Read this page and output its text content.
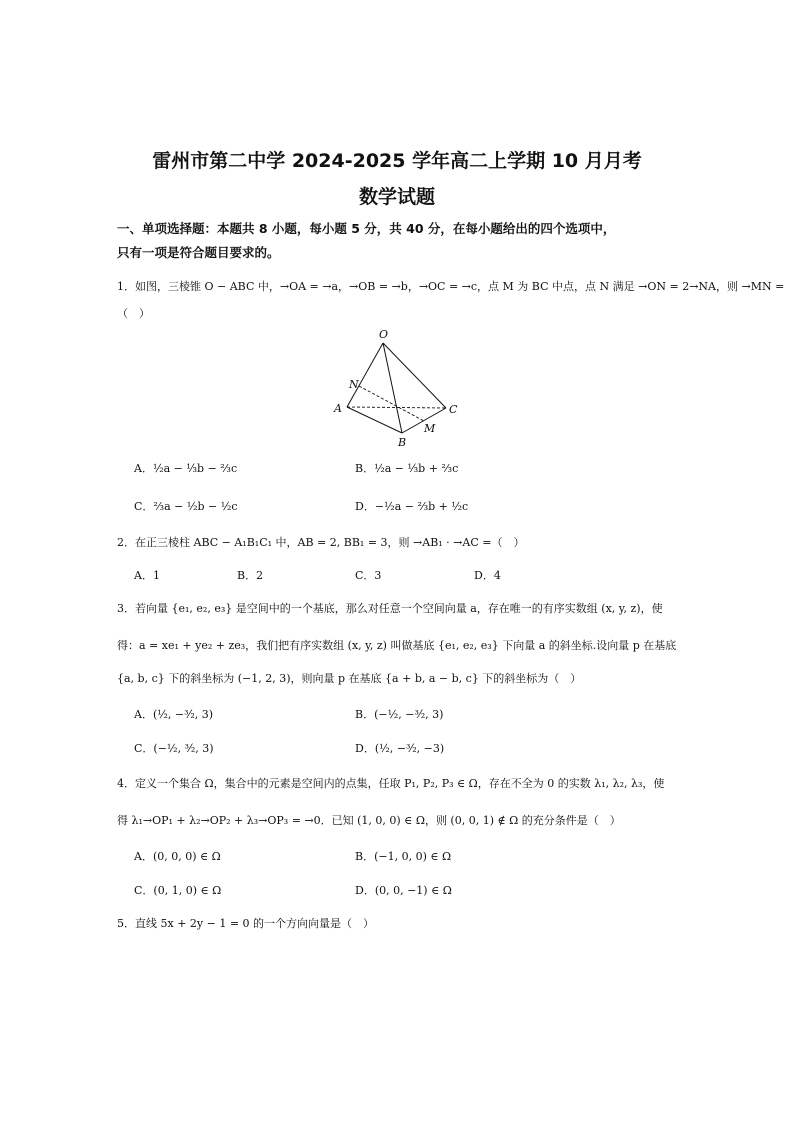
雷州市第二中学 2024-2025 学年高二上学期 10 月月考
数学试题
一、单项选择题：本题共 8 小题，每小题 5 分，共 40 分，在每小题给出的四个选项中，
只有一项是符合题目要求的。
1．如图，三棱锥 O − ABC 中，→OA = →a，→OB = →b，→OC = →c，点 M 为 BC 中点，点 N 满足 →ON = 2→NA，则 →MN =
（　）
O
N
A	C
M
B
A．½a − ⅓b − ⅔c	B．½a − ⅓b + ⅔c
C．⅔a − ½b − ½c	D．−½a − ⅔b + ½c
2．在正三棱柱 ABC − A₁B₁C₁ 中，AB = 2, BB₁ = 3，则 →AB₁ · →AC =（　）
A．1	B．2	C．3	D．4
3．若向量 {e₁, e₂, e₃} 是空间中的一个基底，那么对任意一个空间向量 a，存在唯一的有序实数组 (x, y, z)，使
得：a = xe₁ + ye₂ + ze₃，我们把有序实数组 (x, y, z) 叫做基底 {e₁, e₂, e₃} 下向量 a 的斜坐标.设向量 p 在基底
{a, b, c} 下的斜坐标为 (−1, 2, 3)，则向量 p 在基底 {a + b, a − b, c} 下的斜坐标为（　）
A．(½, −³⁄₂, 3)	B．(−½, −³⁄₂, 3)
C．(−½, ³⁄₂, 3)	D．(½, −³⁄₂, −3)
4．定义一个集合 Ω，集合中的元素是空间内的点集，任取 P₁, P₂, P₃ ∈ Ω，存在不全为 0 的实数 λ₁, λ₂, λ₃，使
得 λ₁→OP₁ + λ₂→OP₂ + λ₃→OP₃ = →0．已知 (1, 0, 0) ∈ Ω，则 (0, 0, 1) ∉ Ω 的充分条件是（　）
A．(0, 0, 0) ∈ Ω	B．(−1, 0, 0) ∈ Ω
C．(0, 1, 0) ∈ Ω	D．(0, 0, −1) ∈ Ω
5．直线 5x + 2y − 1 = 0 的一个方向向量是（　）
